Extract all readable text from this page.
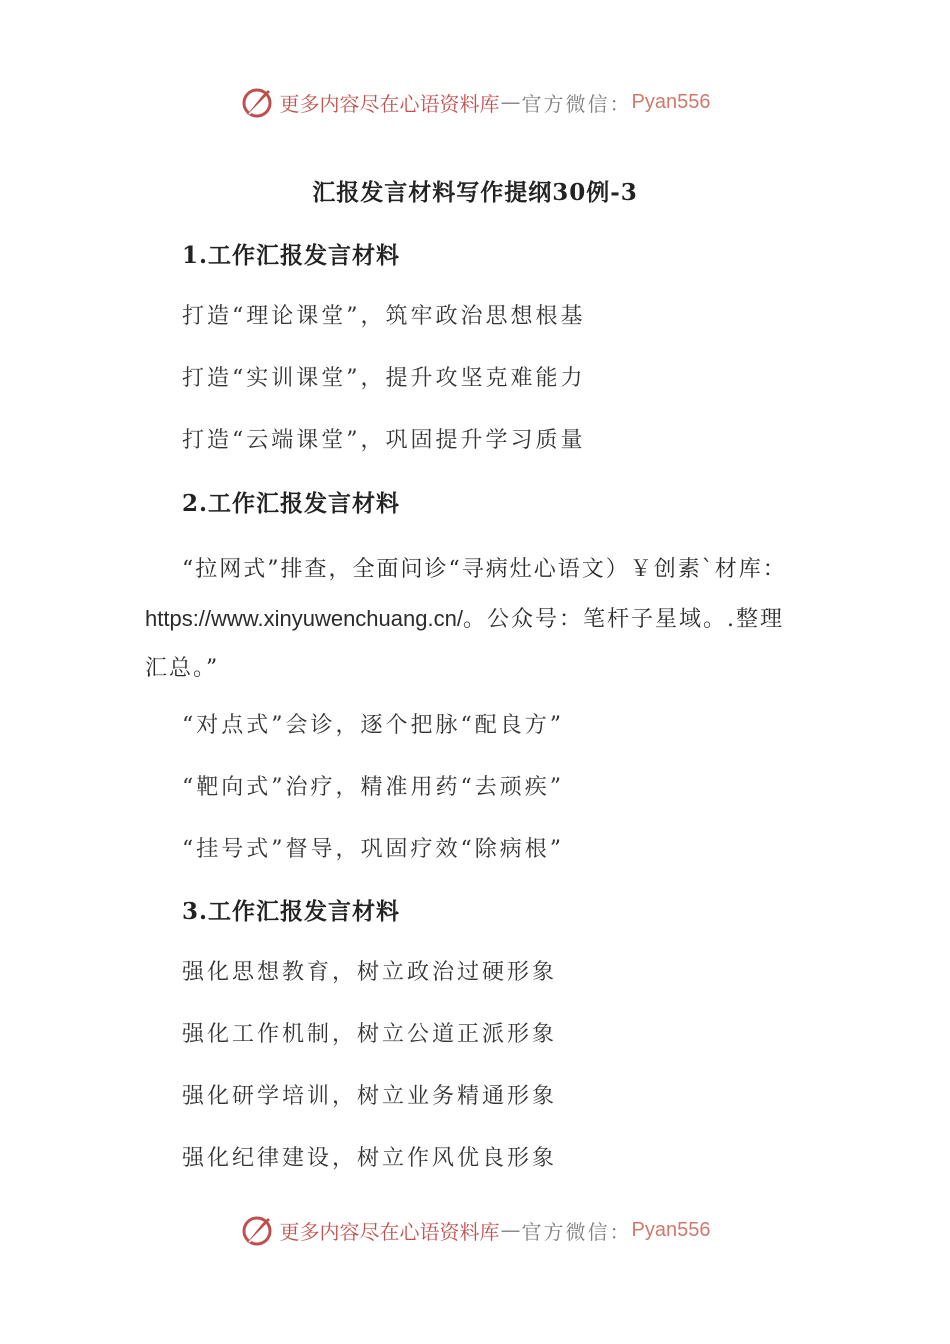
更多内容尽在心语资料库 — 官方微信： Pyan556
汇报发言材料写作提纲30例-3
1.工作汇报发言材料
打造“理论课堂”，筑牢政治思想根基
打造“实训课堂”，提升攻坚克难能力
打造“云端课堂”，巩固提升学习质量
2.工作汇报发言材料
“拉网式”排查，全面问诊“寻病灶心语文）￥创素`材库：https://www.xinyuwenchuang.cn/。公众号：笔杆子星域。.整理汇总。”
“对点式”会诊，逐个把脉“配良方”
“靶向式”治疗，精准用药“去顽疾”
“挂号式”督导，巩固疗效“除病根”
3.工作汇报发言材料
强化思想教育，树立政治过硬形象
强化工作机制，树立公道正派形象
强化研学培训，树立业务精通形象
强化纪律建设，树立作风优良形象
更多内容尽在心语资料库 — 官方微信： Pyan556
